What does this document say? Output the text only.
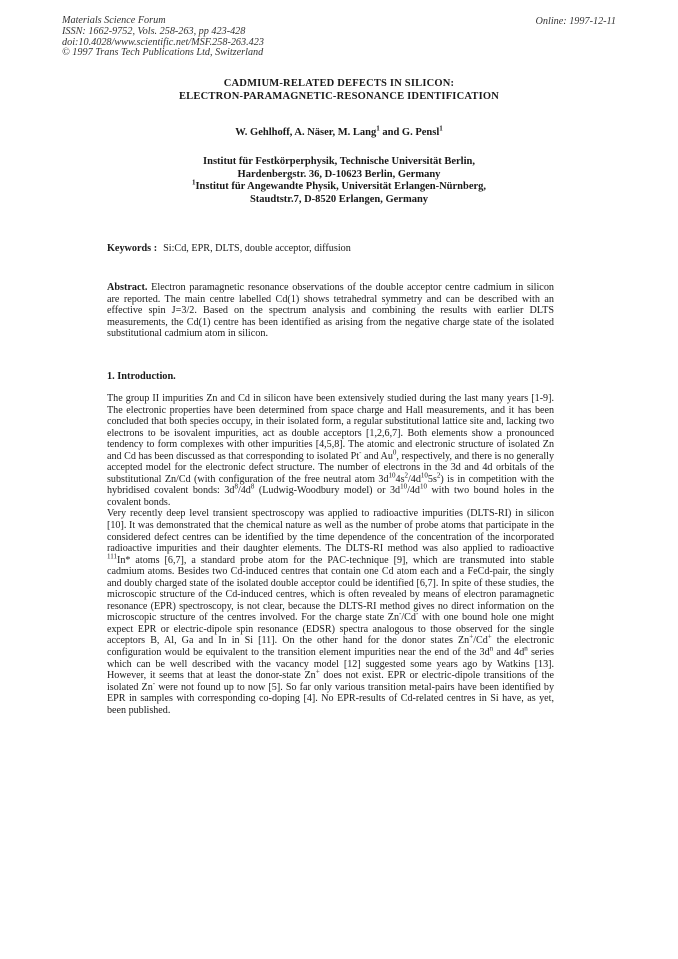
Materials Science Forum
ISSN: 1662-9752, Vols. 258-263, pp 423-428
doi:10.4028/www.scientific.net/MSF.258-263.423
© 1997 Trans Tech Publications Ltd, Switzerland
Online: 1997-12-11
CADMIUM-RELATED DEFECTS IN SILICON:
ELECTRON-PARAMAGNETIC-RESONANCE IDENTIFICATION
W. Gehlhoff, A. Näser, M. Lang$^1$ and G. Pensl$^1$
Institut für Festkörperphysik, Technische Universität Berlin,
Hardenbergstr. 36, D-10623 Berlin, Germany
$^1$Institut für Angewandte Physik, Universität Erlangen-Nürnberg,
Staudtstr.7, D-8520 Erlangen, Germany
Keywords : Si:Cd, EPR, DLTS, double acceptor, diffusion
Abstract. Electron paramagnetic resonance observations of the double acceptor centre cadmium in silicon are reported. The main centre labelled Cd(1) shows tetrahedral symmetry and can be described with an effective spin J=3/2. Based on the spectrum analysis and combining the results with earlier DLTS measurements, the Cd(1) centre has been identified as arising from the negative charge state of the isolated substitutional cadmium atom in silicon.
1. Introduction.

The group II impurities Zn and Cd in silicon have been extensively studied during the last many years [1-9]. The electronic properties have been determined from space charge and Hall measurements, and it has been concluded that both species occupy, in their isolated form, a regular substitutional lattice site and, lacking two electrons to be isovalent impurities, act as double acceptors [1,2,6,7]. Both elements show a pronounced tendency to form complexes with other impurities [4,5,8]. The atomic and electronic structure of isolated Zn and Cd has been discussed as that corresponding to isolated Pt- and Au$^0$, respectively, and there is no generally accepted model for the electronic defect structure. The number of electrons in the 3d and 4d orbitals of the substitutional Zn/Cd (with configuration of the free neutral atom $3d^{10}4s^2/4d^{10}5s^2$) is in competition with the hybridised covalent bonds: $3d^8/4d^8$ (Ludwig-Woodbury model) or $3d^{10}/4d^{10}$ with two bound holes in the covalent bonds.

Very recently deep level transient spectroscopy was applied to radioactive impurities (DLTS-RI) in silicon [10]. It was demonstrated that the chemical nature as well as the number of probe atoms that participate in the considered defect centres can be identified by the time dependence of the concentration of the incorporated radioactive impurities and their daughter elements. The DLTS-RI method was also applied to radioactive $^{111}$In* atoms [6,7], a standard probe atom for the PAC-technique [9], which are transmuted into stable cadmium atoms. Besides two Cd-induced centres that contain one Cd atom each and a FeCd-pair, the singly and doubly charged state of the isolated double acceptor could be identified [6,7]. In spite of these studies, the microscopic structure of the Cd-induced centres, which is often revealed by means of electron paramagnetic resonance (EPR) spectroscopy, is not clear, because the DLTS-RI method gives no direct information on the microscopic structure of the centres involved. For the charge state Zn-/Cd- with one bound hole one might expect EPR or electric-dipole spin resonance (EDSR) spectra analogous to those observed for the single acceptors B, Al, Ga and In in Si [11]. On the other hand for the donor states Zn+/Cd+ the electronic configuration would be equivalent to the transition element impurities near the end of the $3d^n$ and $4d^n$ series which can be well described with the vacancy model [12] suggested some years ago by Watkins [13]. However, it seems that at least the donor-state Zn+ does not exist. EPR or electric-dipole transitions of the isolated Zn- were not found up to now [5]. So far only various transition metal-pairs have been identified by EPR in samples with corresponding co-doping [4]. No EPR-results of Cd-related centres in Si have, as yet, been published.
